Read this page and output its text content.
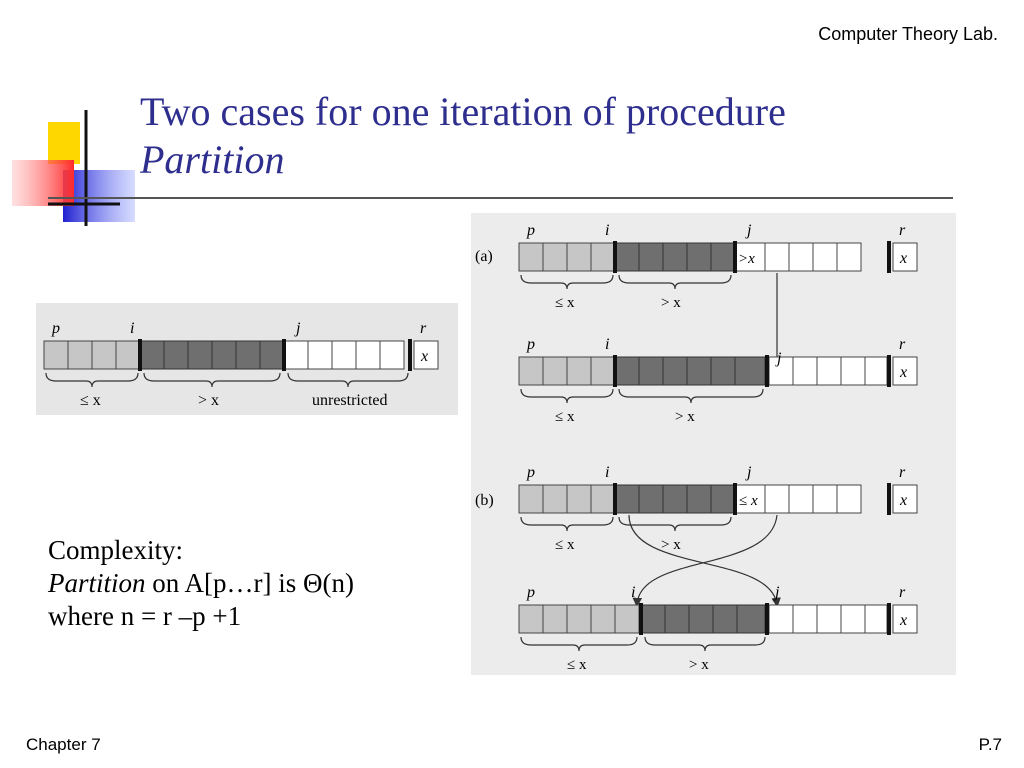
Computer Theory Lab.
Two cases for one iteration of procedure
Partition
p	i	j	r
x
≤ x	> x	unrestricted
(a)
p	i	j	r
>x	x
≤ x	> x
p	i
j
r
x
≤ x	> x
(b)
p	i	j	r
≤ x	x
≤ x	> x
p	i	j	r
x
≤ x	> x
Complexity:
Partition on A[p…r] is Θ(n)
where n = r –p +1
Chapter 7	P.7
